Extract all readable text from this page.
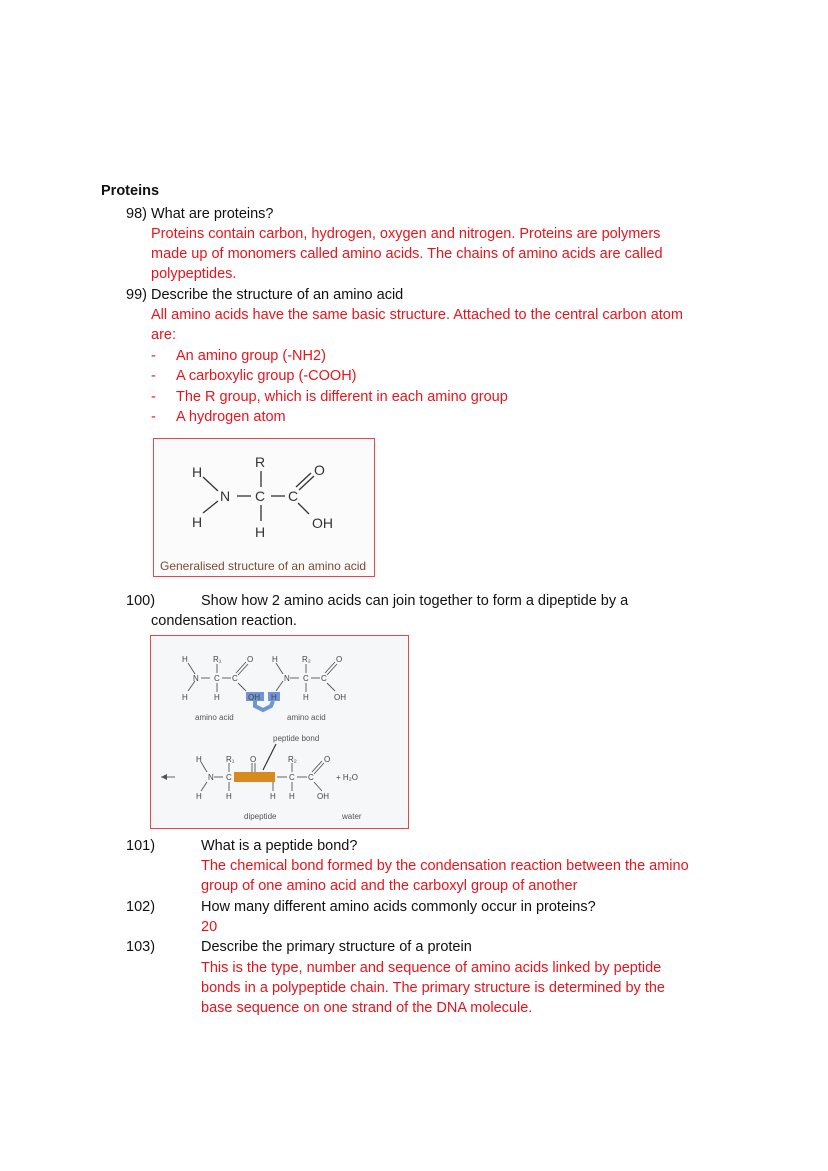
Proteins
98) What are proteins?
Proteins contain carbon, hydrogen, oxygen and nitrogen. Proteins are polymers
made up of monomers called amino acids. The chains of amino acids are called
polypeptides.
99) Describe the structure of an amino acid
All amino acids have the same basic structure. Attached to the central carbon atom
are:
- An amino group (-NH2)
- A carboxylic group (-COOH)
- The R group, which is different in each amino group
- A hydrogen atom
H
H
N
R
C
H
C
O
OH
Generalised structure of an amino acid
100)	Show how 2 amino acids can join together to form a dipeptide by a
condensation reaction.
H
N
R₁
C C
O
H	H	OH H
amino acid
H
N
R₂
C C
O
H	OH
amino acid
peptide bond
H
N
R₁
C
O
H	H	H
R₂
C C
O
H	OH
+ H₂O
dipeptide	water
101)	What is a peptide bond?
The chemical bond formed by the condensation reaction between the amino
group of one amino acid and the carboxyl group of another
102)	How many different amino acids commonly occur in proteins?
20
103)	Describe the primary structure of a protein
This is the type, number and sequence of amino acids linked by peptide
bonds in a polypeptide chain. The primary structure is determined by the
base sequence on one strand of the DNA molecule.
